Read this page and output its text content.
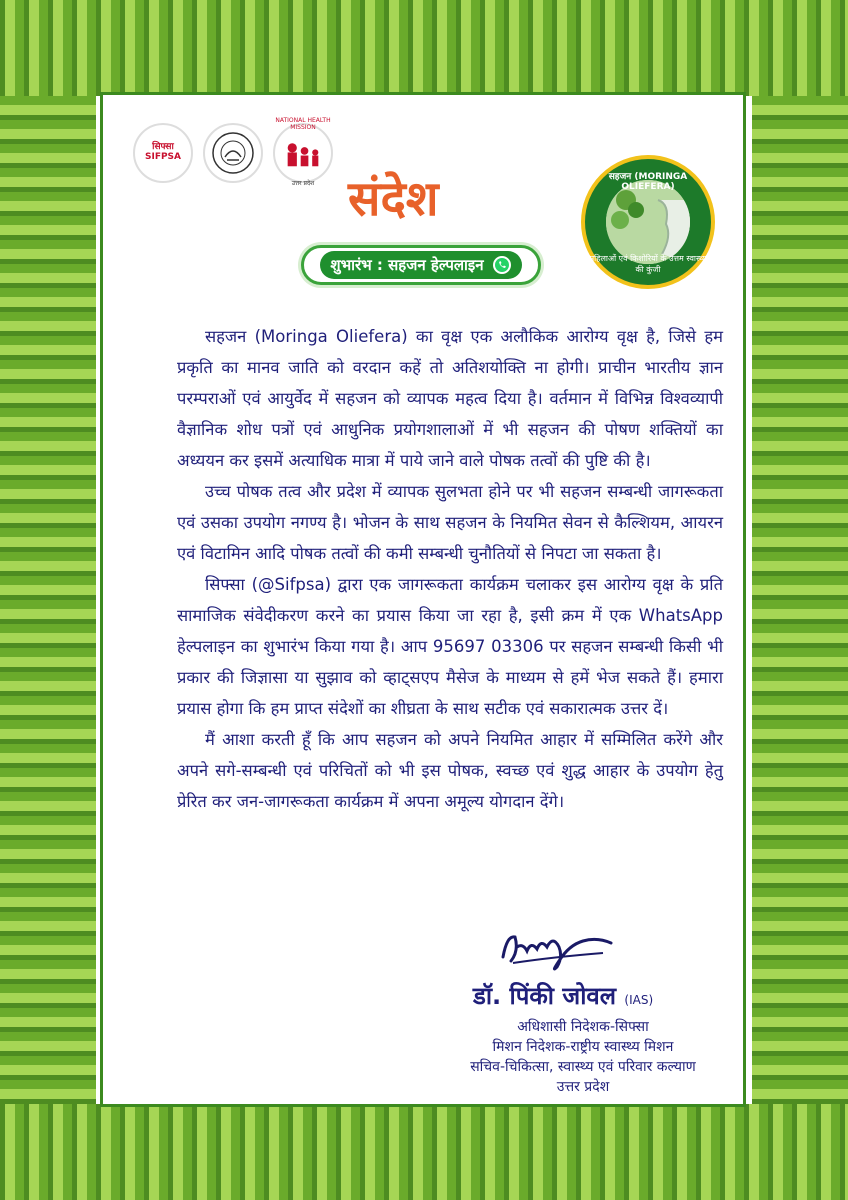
सिफ्सा
SIFPSA
NATIONAL HEALTH MISSION
उत्तर प्रदेश संदेश
शुभारंभ : सहजन हेल्पलाइन
सहजन (MORINGA OLIEFERA)
महिलाओं एवं किशोरियों के उत्तम स्वास्थ्य की कुंजी

सहजन (Moringa Oliefera) का वृक्ष एक अलौकिक आरोग्य वृक्ष है, जिसे हम प्रकृति का मानव जाति को वरदान कहें तो अतिशयोक्ति ना होगी। प्राचीन भारतीय ज्ञान परम्पराओं एवं आयुर्वेद में सहजन को व्यापक महत्व दिया है। वर्तमान में विभिन्न विश्वव्यापी वैज्ञानिक शोध पत्रों एवं आधुनिक प्रयोगशालाओं में भी सहजन की पोषण शक्तियों का अध्ययन कर इसमें अत्याधिक मात्रा में पाये जाने वाले पोषक तत्वों की पुष्टि की है।

उच्च पोषक तत्व और प्रदेश में व्यापक सुलभता होने पर भी सहजन सम्बन्धी जागरूकता एवं उसका उपयोग नगण्य है। भोजन के साथ सहजन के नियमित सेवन से कैल्शियम, आयरन एवं विटामिन आदि पोषक तत्वों की कमी सम्बन्धी चुनौतियों से निपटा जा सकता है।

सिफ्सा (@Sifpsa) द्वारा एक जागरूकता कार्यक्रम चलाकर इस आरोग्य वृक्ष के प्रति सामाजिक संवेदीकरण करने का प्रयास किया जा रहा है, इसी क्रम में एक WhatsApp हेल्पलाइन का शुभारंभ किया गया है। आप 95697 03306 पर सहजन सम्बन्धी किसी भी प्रकार की जिज्ञासा या सुझाव को व्हाट्सएप मैसेज के माध्यम से हमें भेज सकते हैं। हमारा प्रयास होगा कि हम प्राप्त संदेशों का शीघ्रता के साथ सटीक एवं सकारात्मक उत्तर दें।

मैं आशा करती हूँ कि आप सहजन को अपने नियमित आहार में सम्मिलित करेंगे और अपने सगे-सम्बन्धी एवं परिचितों को भी इस पोषक, स्वच्छ एवं शुद्ध आहार के उपयोग हेतु प्रेरित कर जन-जागरूकता कार्यक्रम में अपना अमूल्य योगदान देंगे।

डॉ. पिंकी जोवल (IAS)
अधिशासी निदेशक-सिफ्सा
मिशन निदेशक-राष्ट्रीय स्वास्थ्य मिशन
सचिव-चिकित्सा, स्वास्थ्य एवं परिवार कल्याण
उत्तर प्रदेश
